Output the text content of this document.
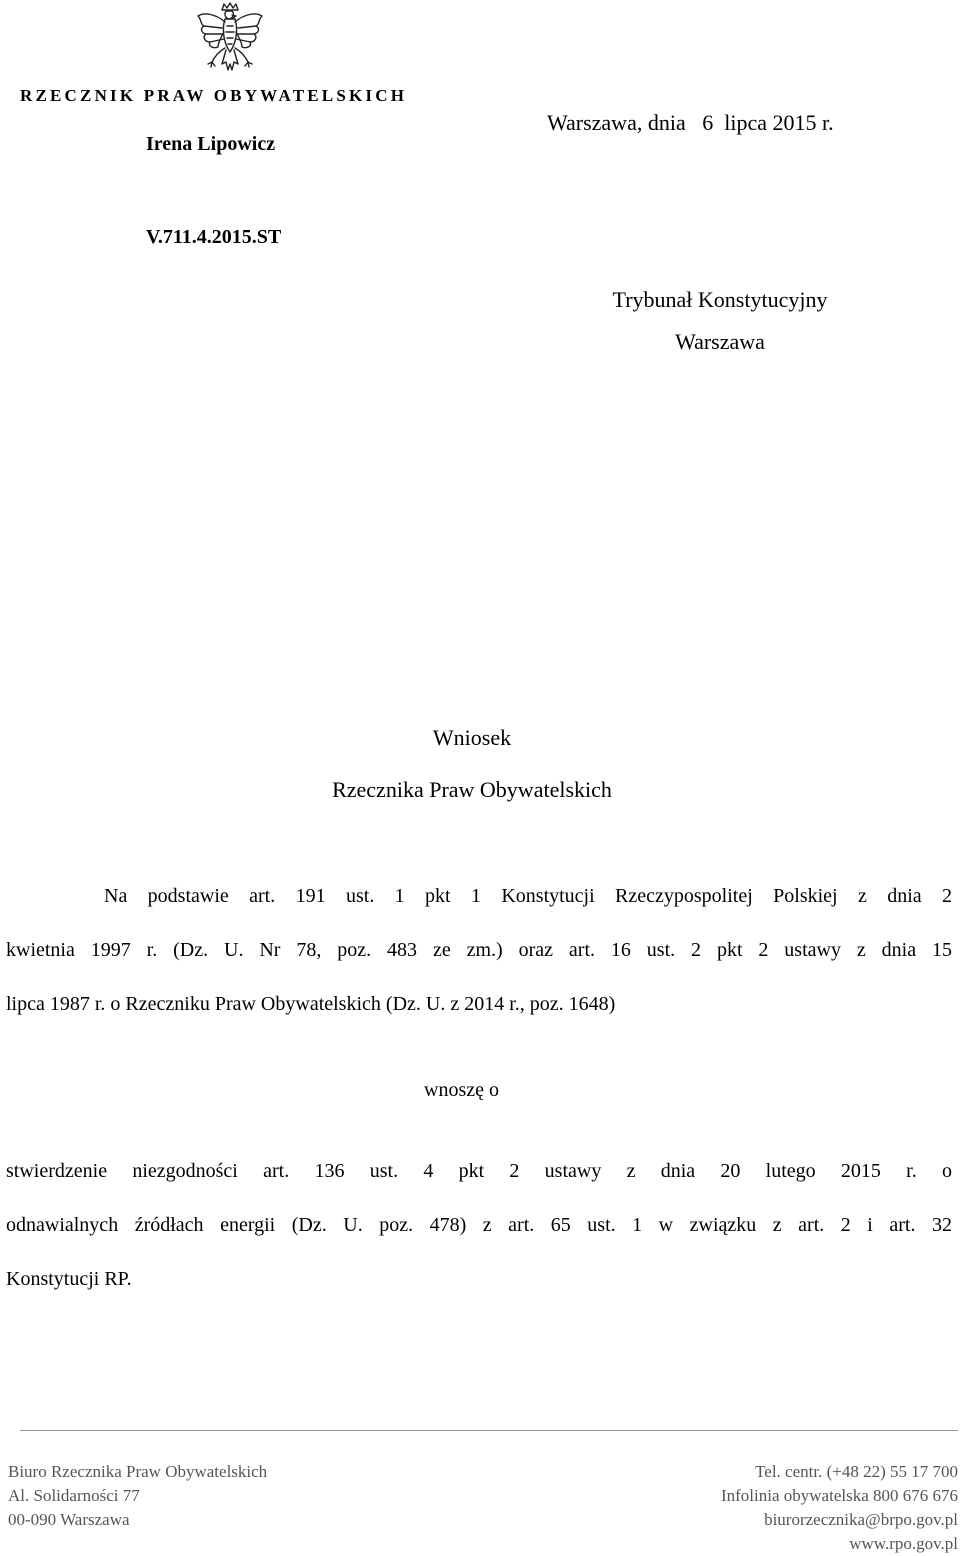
RZECZNIK PRAW OBYWATELSKICH
Irena Lipowicz
Warszawa, dnia   6  lipca 2015 r.
V.711.4.2015.ST
Trybunał Konstytucyjny
Warszawa
Wniosek
Rzecznika Praw Obywatelskich
Na podstawie art. 191 ust. 1 pkt 1 Konstytucji Rzeczypospolitej Polskiej z dnia 2
kwietnia 1997 r. (Dz. U. Nr 78, poz. 483 ze zm.) oraz art. 16 ust. 2 pkt 2 ustawy z dnia 15
lipca 1987 r. o Rzeczniku Praw Obywatelskich (Dz. U. z 2014 r., poz. 1648)
wnoszę o
stwierdzenie niezgodności art. 136 ust. 4 pkt 2 ustawy z dnia 20 lutego 2015 r. o
odnawialnych źródłach energii (Dz. U. poz. 478) z art. 65 ust. 1 w związku z art. 2 i art. 32
Konstytucji RP.
Biuro Rzecznika Praw Obywatelskich
Al. Solidarności 77
00-090 Warszawa
Tel. centr. (+48 22) 55 17 700
Infolinia obywatelska 800 676 676
biurorzecznika@brpo.gov.pl
www.rpo.gov.pl
